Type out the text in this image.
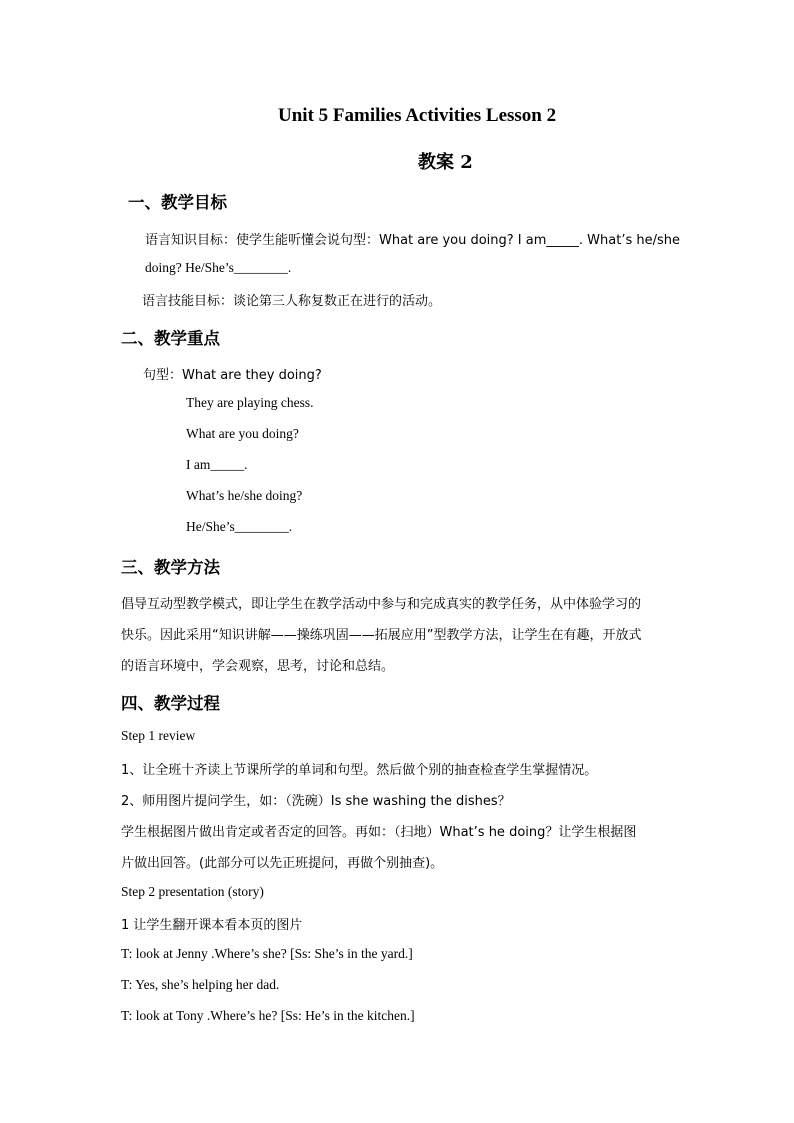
Unit 5 Families Activities Lesson 2
教案 2
一、教学目标
语言知识目标：使学生能听懂会说句型：What are you doing? I am_____. What’s he/she
doing? He/She’s________.
语言技能目标：谈论第三人称复数正在进行的活动。
二、教学重点
句型：What are they doing?
They are playing chess.
What are you doing?
I am_____.
What’s he/she doing?
He/She’s________.
三、教学方法
倡导互动型教学模式，即让学生在教学活动中参与和完成真实的教学任务，从中体验学习的
快乐。因此采用“知识讲解——操练巩固——拓展应用”型教学方法，让学生在有趣，开放式
的语言环境中，学会观察，思考，讨论和总结。
四、教学过程
Step 1 review
1、让全班十齐读上节课所学的单词和句型。然后做个别的抽查检查学生掌握情况。
2、师用图片提问学生，如：（洗碗）Is she washing the dishes？
学生根据图片做出肯定或者否定的回答。再如：（扫地）What’s he doing？让学生根据图
片做出回答。(此部分可以先正班提问，再做个别抽查)。
Step 2 presentation (story)
1 让学生翻开课本看本页的图片
T: look at Jenny .Where’s she? [Ss: She’s in the yard.]
T: Yes, she’s helping her dad.
T: look at Tony .Where’s he? [Ss: He’s in the kitchen.]
